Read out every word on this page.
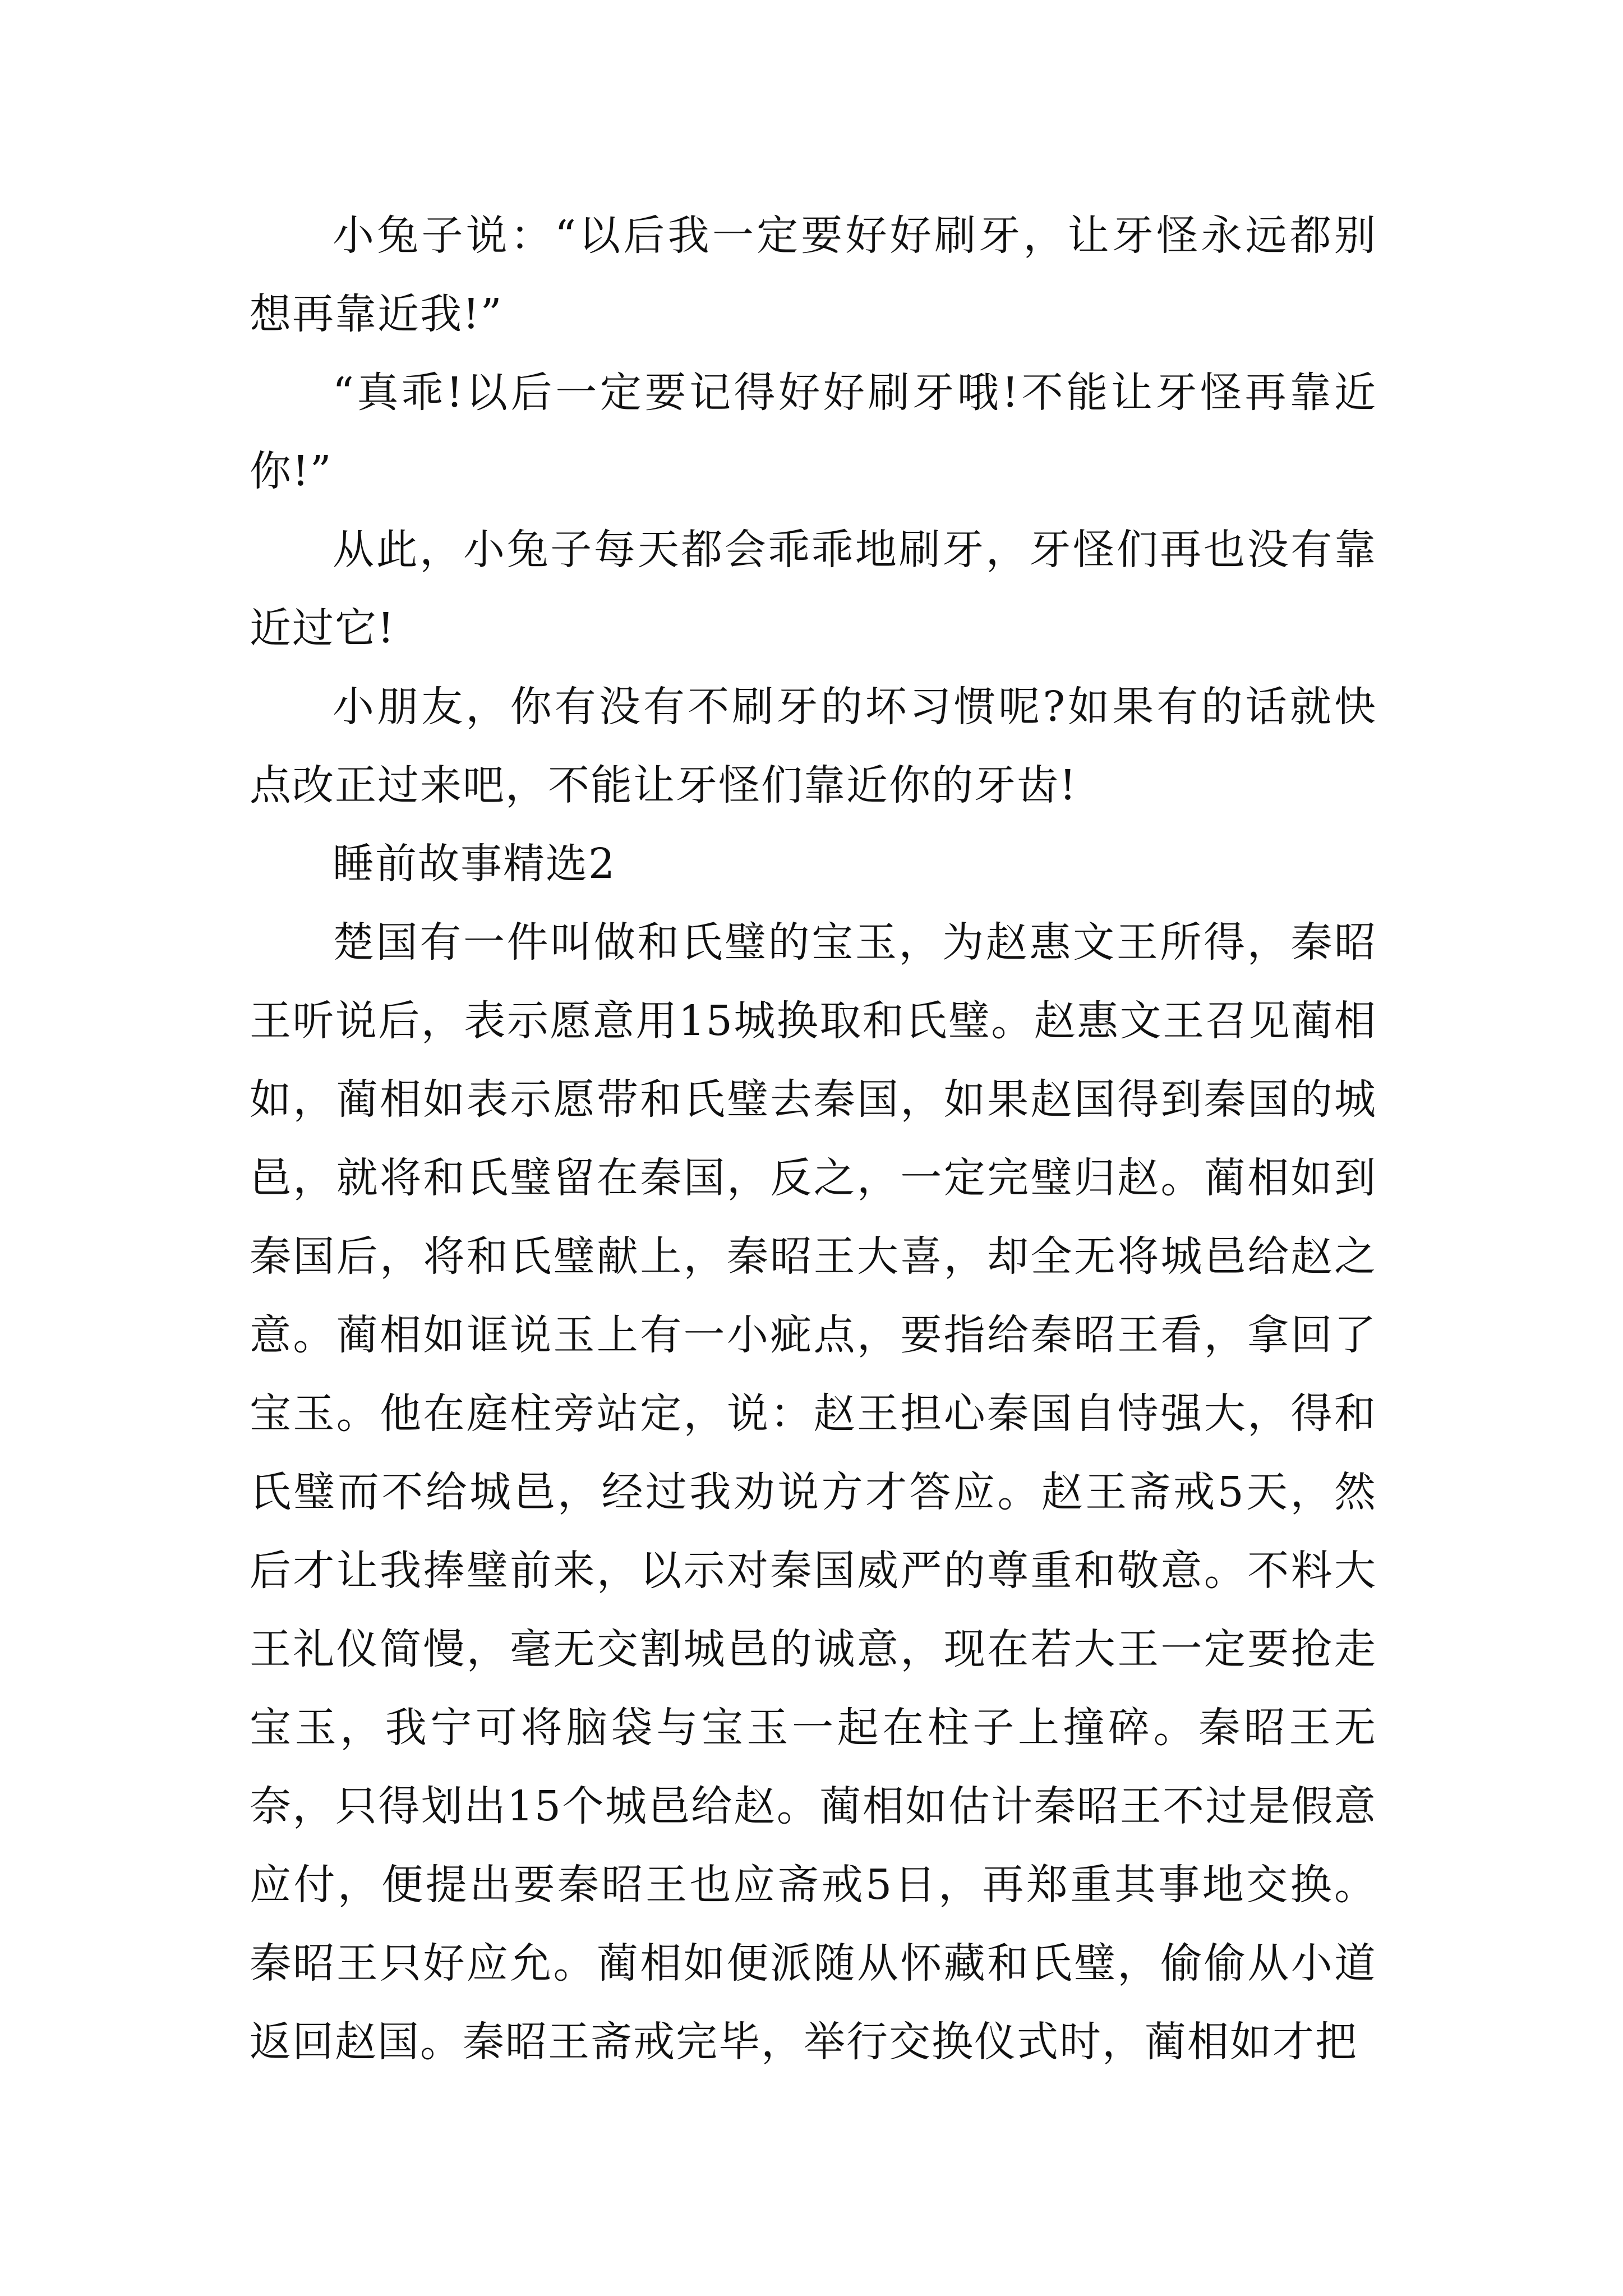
小兔子说：“以后我一定要好好刷牙，让牙怪永远都别想再靠近我!”

“真乖!以后一定要记得好好刷牙哦!不能让牙怪再靠近你!”

从此，小兔子每天都会乖乖地刷牙，牙怪们再也没有靠近过它!

小朋友，你有没有不刷牙的坏习惯呢?如果有的话就快点改正过来吧，不能让牙怪们靠近你的牙齿!

睡前故事精选2

楚国有一件叫做和氏璧的宝玉，为赵惠文王所得，秦昭王听说后，表示愿意用15城换取和氏璧。赵惠文王召见蔺相如，蔺相如表示愿带和氏璧去秦国，如果赵国得到秦国的城邑，就将和氏璧留在秦国，反之，一定完璧归赵。蔺相如到秦国后，将和氏璧献上，秦昭王大喜，却全无将城邑给赵之意。蔺相如诓说玉上有一小疵点，要指给秦昭王看，拿回了宝玉。他在庭柱旁站定，说：赵王担心秦国自恃强大，得和氏璧而不给城邑，经过我劝说方才答应。赵王斋戒5天，然后才让我捧璧前来，以示对秦国威严的尊重和敬意。不料大王礼仪简慢，毫无交割城邑的诚意，现在若大王一定要抢走宝玉，我宁可将脑袋与宝玉一起在柱子上撞碎。秦昭王无奈，只得划出15个城邑给赵。蔺相如估计秦昭王不过是假意应付，便提出要秦昭王也应斋戒5日，再郑重其事地交换。秦昭王只好应允。蔺相如便派随从怀藏和氏璧，偷偷从小道返回赵国。秦昭王斋戒完毕，举行交换仪式时，蔺相如才把
